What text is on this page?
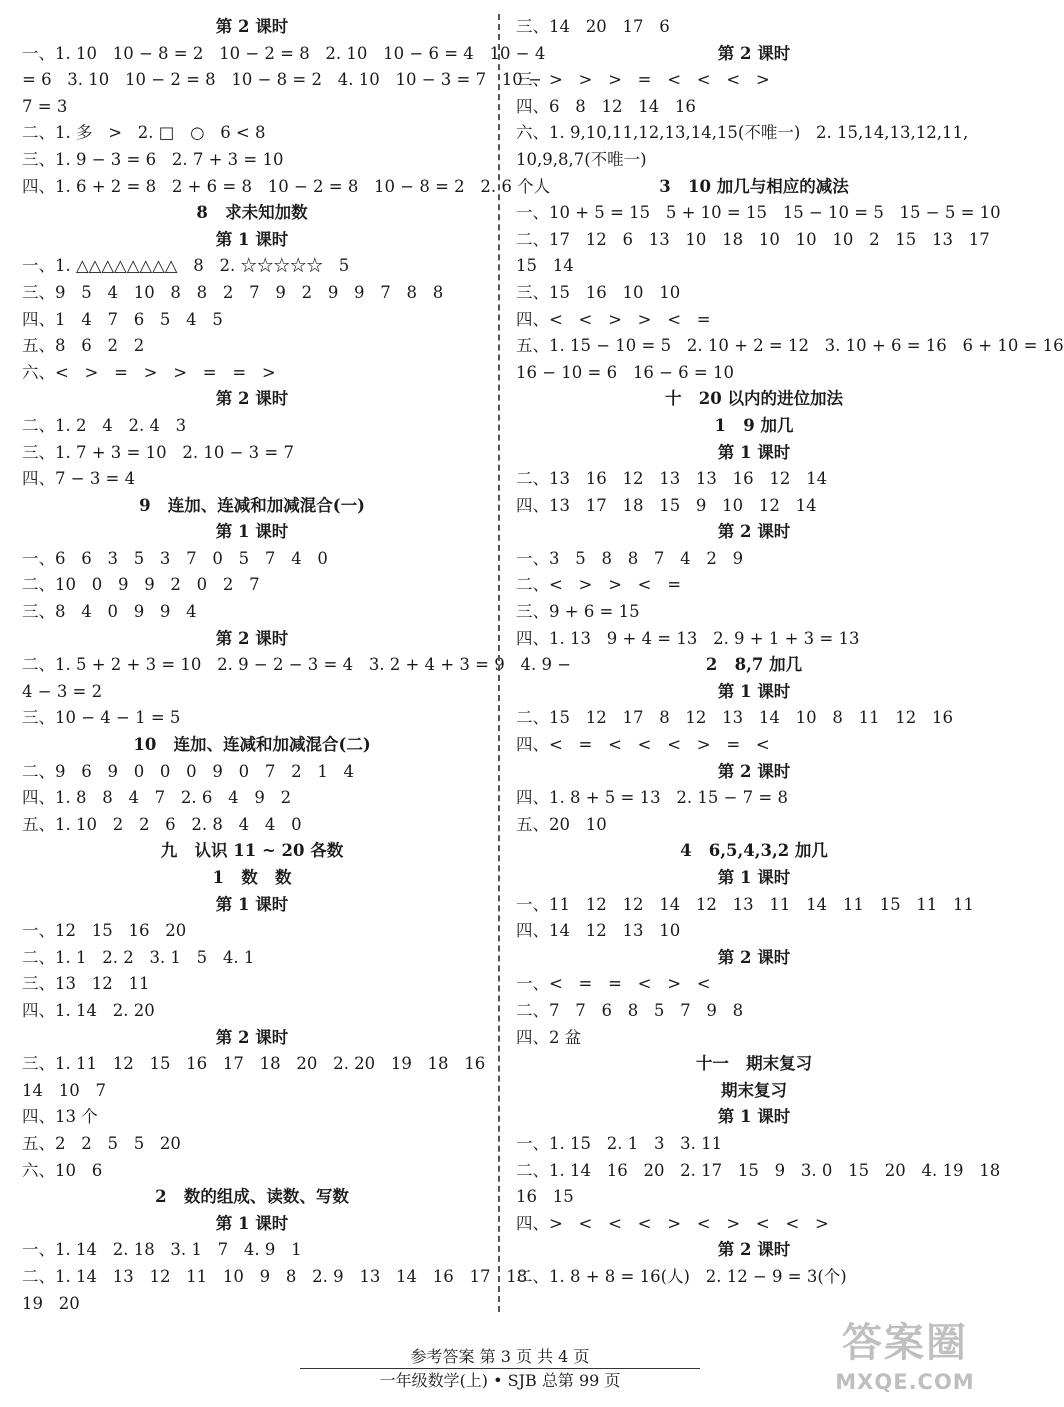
第 2 课时
一、1. 10   10 − 8 = 2   10 − 2 = 8   2. 10   10 − 6 = 4   10 − 4
= 6   3. 10   10 − 2 = 8   10 − 8 = 2   4. 10   10 − 3 = 7   10 −
7 = 3
二、1. 多   >   2. □   ○   6 < 8
三、1. 9 − 3 = 6   2. 7 + 3 = 10
四、1. 6 + 2 = 8   2 + 6 = 8   10 − 2 = 8   10 − 8 = 2   2. 6 个人
8   求未知加数
第 1 课时
一、1. △△△△△△△△   8   2. ☆☆☆☆☆   5
三、9   5   4   10   8   8   2   7   9   2   9   9   7   8   8
四、1   4   7   6   5   4   5
五、8   6   2   2
六、<   >   =   >   >   =   =   >
第 2 课时
二、1. 2   4   2. 4   3
三、1. 7 + 3 = 10   2. 10 − 3 = 7
四、7 − 3 = 4
9   连加、连减和加减混合(一)
第 1 课时
一、6   6   3   5   3   7   0   5   7   4   0
二、10   0   9   9   2   0   2   7
三、8   4   0   9   9   4
第 2 课时
二、1. 5 + 2 + 3 = 10   2. 9 − 2 − 3 = 4   3. 2 + 4 + 3 = 9   4. 9 −
4 − 3 = 2
三、10 − 4 − 1 = 5
10   连加、连减和加减混合(二)
二、9   6   9   0   0   0   9   0   7   2   1   4
四、1. 8   8   4   7   2. 6   4   9   2
五、1. 10   2   2   6   2. 8   4   4   0
九   认识 11 ~ 20 各数
1   数   数
第 1 课时
一、12   15   16   20
二、1. 1   2. 2   3. 1   5   4. 1
三、13   12   11
四、1. 14   2. 20
第 2 课时
三、1. 11   12   15   16   17   18   20   2. 20   19   18   16
14   10   7
四、13 个
五、2   2   5   5   20
六、10   6
2   数的组成、读数、写数
第 1 课时
一、1. 14   2. 18   3. 1   7   4. 9   1
二、1. 14   13   12   11   10   9   8   2. 9   13   14   16   17   18
19   20
三、14   20   17   6
第 2 课时
三、>   >   >   =   <   <   <   >
四、6   8   12   14   16
六、1. 9,10,11,12,13,14,15(不唯一)   2. 15,14,13,12,11,
10,9,8,7(不唯一)
3   10 加几与相应的减法
一、10 + 5 = 15   5 + 10 = 15   15 − 10 = 5   15 − 5 = 10
二、17   12   6   13   10   18   10   10   10   2   15   13   17
15   14
三、15   16   10   10
四、<   <   >   >   <   =
五、1. 15 − 10 = 5   2. 10 + 2 = 12   3. 10 + 6 = 16   6 + 10 = 16
16 − 10 = 6   16 − 6 = 10
十   20 以内的进位加法
1   9 加几
第 1 课时
二、13   16   12   13   13   16   12   14
四、13   17   18   15   9   10   12   14
第 2 课时
一、3   5   8   8   7   4   2   9
二、<   >   >   <   =
三、9 + 6 = 15
四、1. 13   9 + 4 = 13   2. 9 + 1 + 3 = 13
2   8,7 加几
第 1 课时
二、15   12   17   8   12   13   14   10   8   11   12   16
四、<   =   <   <   <   >   =   <
第 2 课时
四、1. 8 + 5 = 13   2. 15 − 7 = 8
五、20   10
4   6,5,4,3,2 加几
第 1 课时
一、11   12   12   14   12   13   11   14   11   15   11   11
四、14   12   13   10
第 2 课时
一、<   =   =   <   >   <
二、7   7   6   8   5   7   9   8
四、2 盆
十一   期末复习
期末复习
第 1 课时
一、1. 15   2. 1   3   3. 11
二、1. 14   16   20   2. 17   15   9   3. 0   15   20   4. 19   18
16   15
四、>   <   <   <   >   <   >   <   <   >
第 2 课时
二、1. 8 + 8 = 16(人)   2. 12 − 9 = 3(个)
参考答案 第 3 页 共 4 页
一年级数学(上) • SJB 总第 99 页
答案圈
MXQE.COM
